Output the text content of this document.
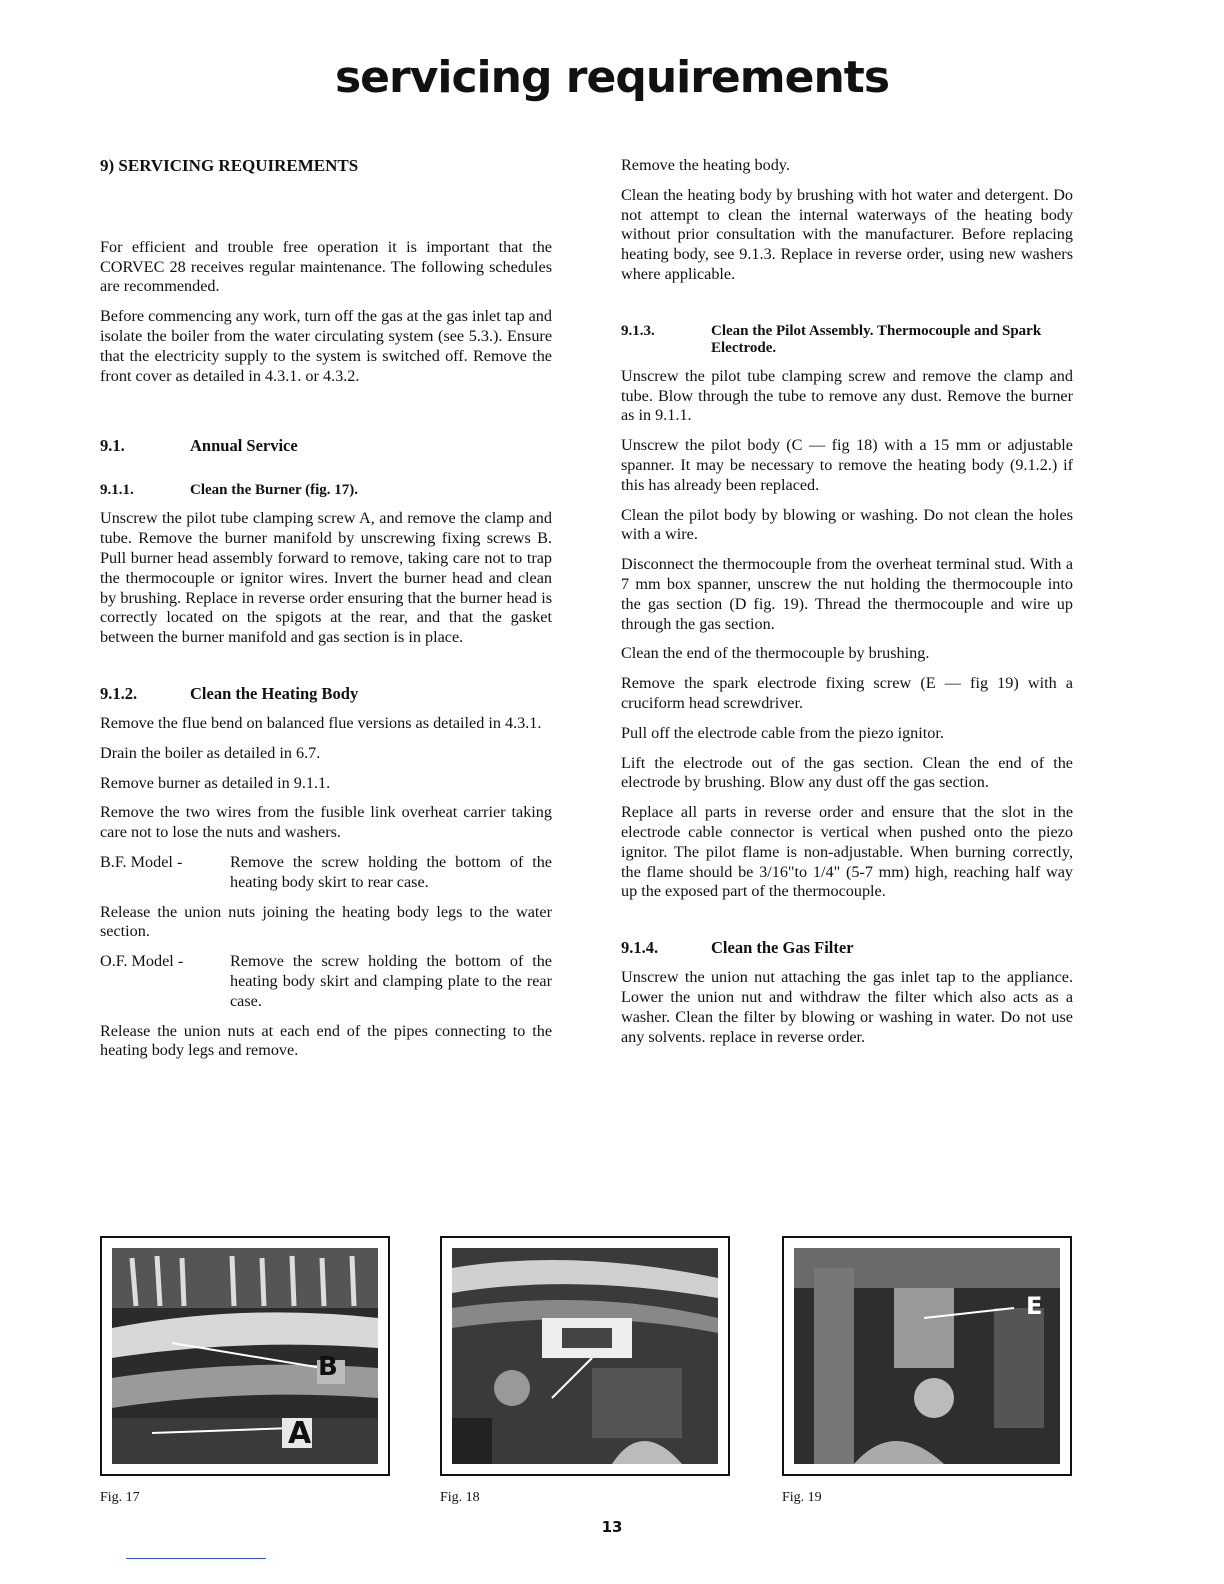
servicing requirements

9) SERVICING REQUIREMENTS

For efficient and trouble free operation it is important that the CORVEC 28 receives regular maintenance. The following schedules are recommended.

Before commencing any work, turn off the gas at the gas inlet tap and isolate the boiler from the water circulating system (see 5.3.). Ensure that the electricity supply to the system is switched off. Remove the front cover as detailed in 4.3.1. or 4.3.2.

9.1.	Annual Service
9.1.1.	Clean the Burner (fig. 17).

Unscrew the pilot tube clamping screw A, and remove the clamp and tube. Remove the burner manifold by unscrewing fixing screws B. Pull burner head assembly forward to remove, taking care not to trap the thermocouple or ignitor wires. Invert the burner head and clean by brushing. Replace in reverse order ensuring that the burner head is correctly located on the spigots at the rear, and that the gasket between the burner manifold and gas section is in place.

9.1.2.	Clean the Heating Body

Remove the flue bend on balanced flue versions as detailed in 4.3.1.

Drain the boiler as detailed in 6.7.

Remove burner as detailed in 9.1.1.

Remove the two wires from the fusible link overheat carrier taking care not to lose the nuts and washers.

B.F. Model -	Remove the screw holding the bottom of the heating body skirt to rear case.

Release the union nuts joining the heating body legs to the water section.

O.F. Model -	Remove the screw holding the bottom of the heating body skirt and clamping plate to the rear case.

Release the union nuts at each end of the pipes connecting to the heating body legs and remove.

Remove the heating body.

Clean the heating body by brushing with hot water and detergent. Do not attempt to clean the internal waterways of the heating body without prior consultation with the manufacturer. Before replacing heating body, see 9.1.3. Replace in reverse order, using new washers where applicable.

9.1.3.	Clean the Pilot Assembly. Thermocouple and Spark Electrode.

Unscrew the pilot tube clamping screw and remove the clamp and tube. Blow through the tube to remove any dust. Remove the burner as in 9.1.1.

Unscrew the pilot body (C — fig 18) with a 15 mm or adjustable spanner. It may be necessary to remove the heating body (9.1.2.) if this has already been replaced.

Clean the pilot body by blowing or washing. Do not clean the holes with a wire.

Disconnect the thermocouple from the overheat terminal stud. With a 7 mm box spanner, unscrew the nut holding the thermocouple into the gas section (D fig. 19). Thread the thermocouple and wire up through the gas section.

Clean the end of the thermocouple by brushing.

Remove the spark electrode fixing screw (E — fig 19) with a cruciform head screwdriver.

Pull off the electrode cable from the piezo ignitor.

Lift the electrode out of the gas section. Clean the end of the electrode by brushing. Blow any dust off the gas section.

Replace all parts in reverse order and ensure that the slot in the electrode cable connector is vertical when pushed onto the piezo ignitor. The pilot flame is non-adjustable. When burning correctly, the flame should be 3/16"to 1/4" (5-7 mm) high, reaching half way up the exposed part of the thermocouple.

9.1.4.	Clean the Gas Filter

Unscrew the union nut attaching the gas inlet tap to the appliance. Lower the union nut and withdraw the filter which also acts as a washer. Clean the filter by blowing or washing in water. Do not use any solvents. replace in reverse order.

B
A
Fig. 17	Fig. 18
E
Fig. 19
13
